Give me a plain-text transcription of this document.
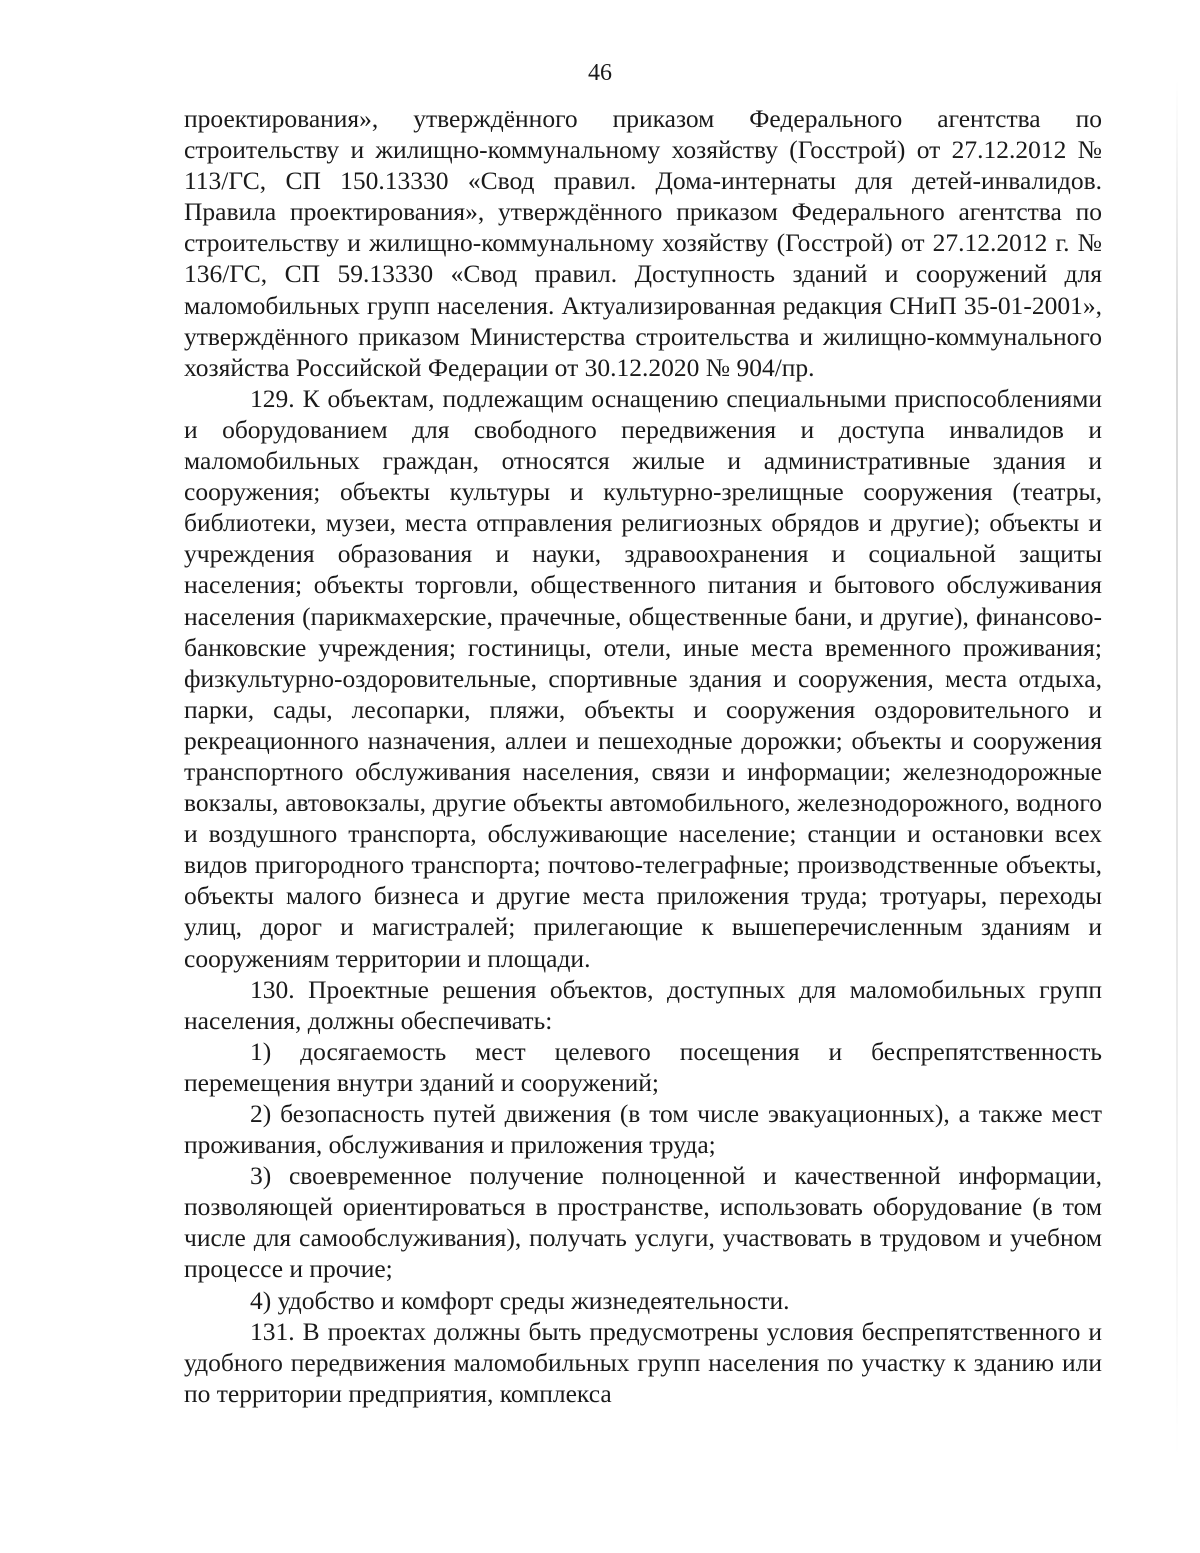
46

проектирования», утверждённого приказом Федерального агентства по строительству и жилищно-коммунальному хозяйству (Госстрой) от 27.12.2012 № 113/ГС, СП 150.13330 «Свод правил. Дома-интернаты для детей-инвалидов. Правила проектирования», утверждённого приказом Федерального агентства по строительству и жилищно-коммунальному хозяйству (Госстрой) от 27.12.2012 г. № 136/ГС, СП 59.13330 «Свод правил. Доступность зданий и сооружений для маломобильных групп населения. Актуализированная редакция СНиП 35-01-2001», утверждённого приказом Министерства строительства и жилищно-коммунального хозяйства Российской Федерации от 30.12.2020 № 904/пр.

129. К объектам, подлежащим оснащению специальными приспособлениями и оборудованием для свободного передвижения и доступа инвалидов и маломобильных граждан, относятся жилые и административные здания и сооружения; объекты культуры и культурно-зрелищные сооружения (театры, библиотеки, музеи, места отправления религиозных обрядов и другие); объекты и учреждения образования и науки, здравоохранения и социальной защиты населения; объекты торговли, общественного питания и бытового обслуживания населения (парикмахерские, прачечные, общественные бани, и другие), финансово-банковские учреждения; гостиницы, отели, иные места временного проживания; физкультурно-оздоровительные, спортивные здания и сооружения, места отдыха, парки, сады, лесопарки, пляжи, объекты и сооружения оздоровительного и рекреационного назначения, аллеи и пешеходные дорожки; объекты и сооружения транспортного обслуживания населения, связи и информации; железнодорожные вокзалы, автовокзалы, другие объекты автомобильного, железнодорожного, водного и воздушного транспорта, обслуживающие население; станции и остановки всех видов пригородного транспорта; почтово-телеграфные; производственные объекты, объекты малого бизнеса и другие места приложения труда; тротуары, переходы улиц, дорог и магистралей; прилегающие к вышеперечисленным зданиям и сооружениям территории и площади.

130. Проектные решения объектов, доступных для маломобильных групп населения, должны обеспечивать:

1) досягаемость мест целевого посещения и беспрепятственность перемещения внутри зданий и сооружений;

2) безопасность путей движения (в том числе эвакуационных), а также мест проживания, обслуживания и приложения труда;

3) своевременное получение полноценной и качественной информации, позволяющей ориентироваться в пространстве, использовать оборудование (в том числе для самообслуживания), получать услуги, участвовать в трудовом и учебном процессе и прочие;

4) удобство и комфорт среды жизнедеятельности.

131. В проектах должны быть предусмотрены условия беспрепятственного и удобного передвижения маломобильных групп населения по участку к зданию или по территории предприятия, комплекса
